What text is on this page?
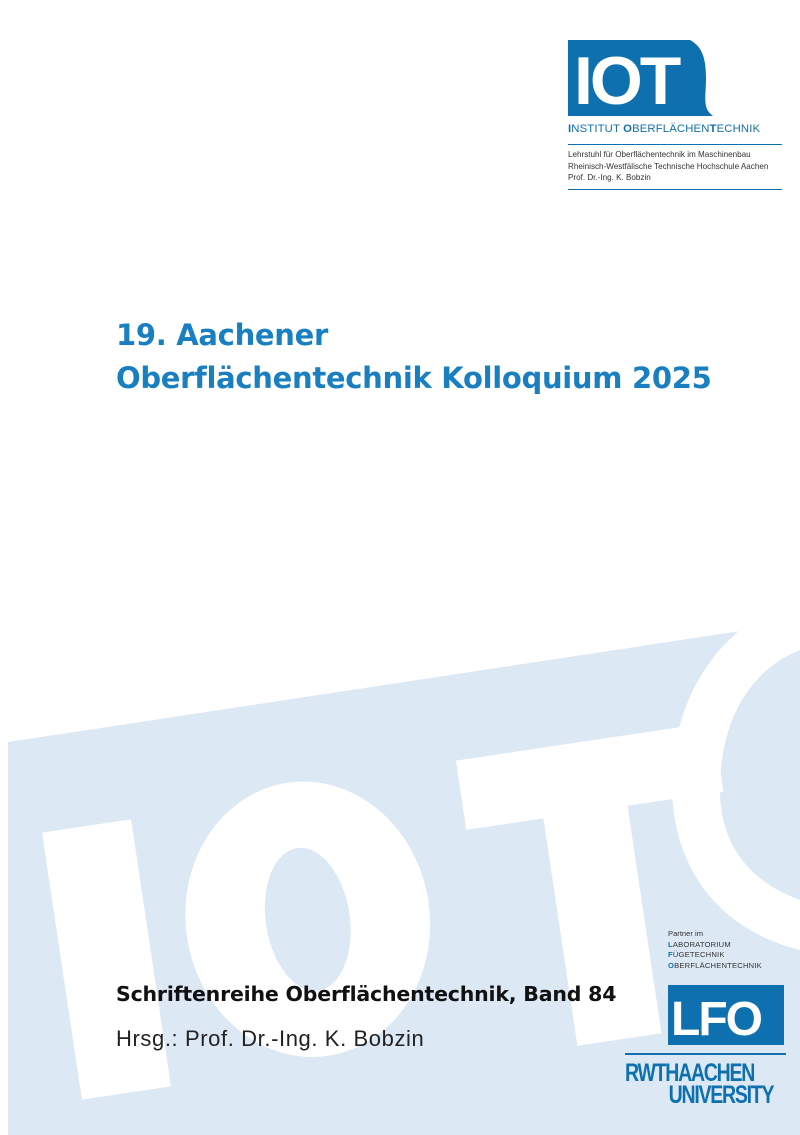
IOT
INSTITUT OBERFLÄCHENTECHNIK
Lehrstuhl für Oberflächentechnik im Maschinenbau
Rheinisch-Westfälische Technische Hochschule Aachen
Prof. Dr.-Ing. K. Bobzin
19. Aachener
Oberflächentechnik Kolloquium 2025
Schriftenreihe Oberflächentechnik, Band 84
Hrsg.: Prof. Dr.-Ing. K. Bobzin
Partner im
LABORATORIUM
FÜGETECHNIK
OBERFLÄCHENTECHNIK
LFO
RWTHAACHEN
UNIVERSITY
